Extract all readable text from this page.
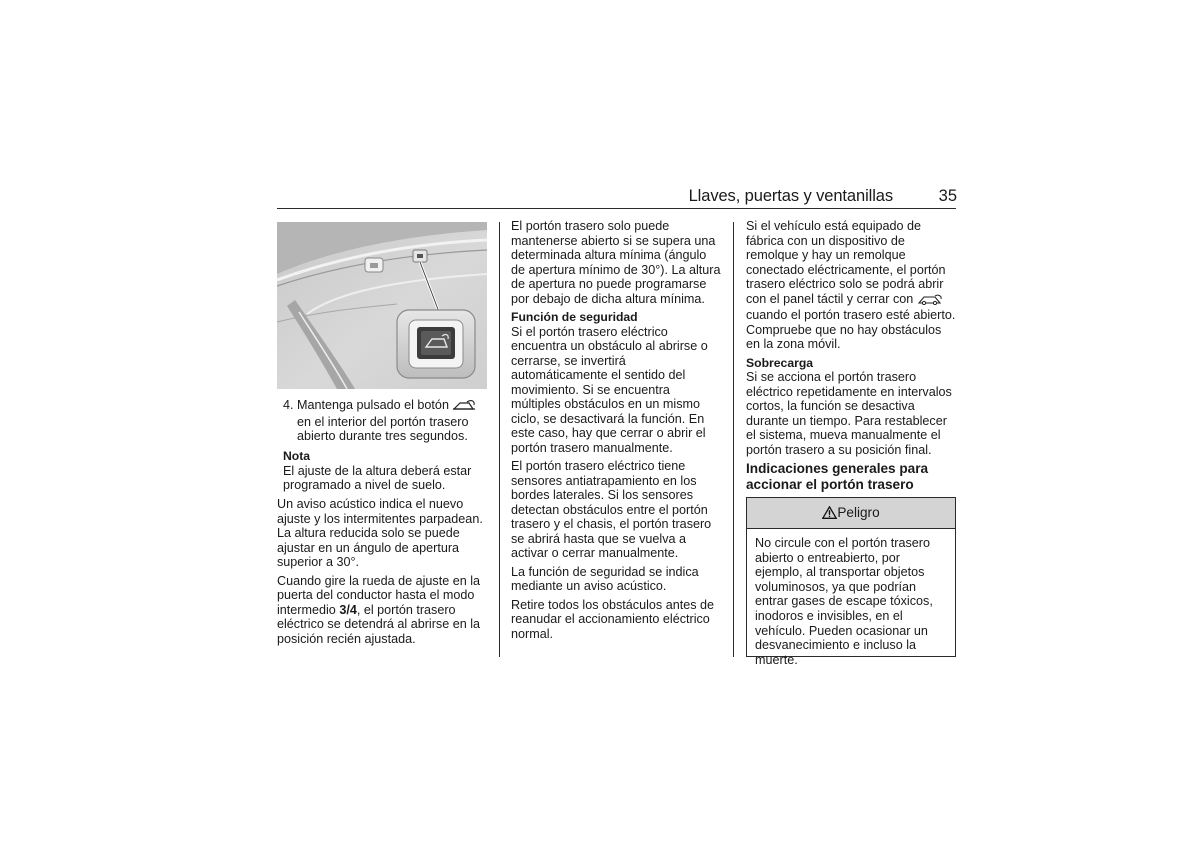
Llaves, puertas y ventanillas	35
4. Mantenga pulsado el botón  en el interior del portón trasero abierto durante tres segundos.
Nota

El ajuste de la altura deberá estar programado a nivel de suelo.

Un aviso acústico indica el nuevo ajuste y los intermitentes parpadean. La altura reducida solo se puede ajustar en un ángulo de apertura superior a 30°.

Cuando gire la rueda de ajuste en la puerta del conductor hasta el modo intermedio 3/4, el portón trasero eléctrico se detendrá al abrirse en la posición recién ajustada.

El portón trasero solo puede mantenerse abierto si se supera una determinada altura mínima (ángulo de apertura mínimo de 30°). La altura de apertura no puede programarse por debajo de dicha altura mínima.

Función de seguridad

Si el portón trasero eléctrico encuentra un obstáculo al abrirse o cerrarse, se invertirá automáticamente el sentido del movimiento. Si se encuentra múltiples obstáculos en un mismo ciclo, se desactivará la función. En este caso, hay que cerrar o abrir el portón trasero manualmente.

El portón trasero eléctrico tiene sensores antiatrapamiento en los bordes laterales. Si los sensores detectan obstáculos entre el portón trasero y el chasis, el portón trasero se abrirá hasta que se vuelva a activar o cerrar manualmente.

La función de seguridad se indica mediante un aviso acústico.

Retire todos los obstáculos antes de reanudar el accionamiento eléctrico normal.

Si el vehículo está equipado de fábrica con un dispositivo de remolque y hay un remolque conectado eléctricamente, el portón trasero eléctrico solo se podrá abrir con el panel táctil y cerrar con  cuando el portón trasero esté abierto. Compruebe que no hay obstáculos en la zona móvil.

Sobrecarga

Si se acciona el portón trasero eléctrico repetidamente en intervalos cortos, la función se desactiva durante un tiempo. Para restablecer el sistema, mueva manualmente el portón trasero a su posición final.

Indicaciones generales para accionar el portón trasero
Peligro
No circule con el portón trasero abierto o entreabierto, por ejemplo, al transportar objetos voluminosos, ya que podrían entrar gases de escape tóxicos, inodoros e invisibles, en el vehículo. Pueden ocasionar un desvanecimiento e incluso la muerte.
